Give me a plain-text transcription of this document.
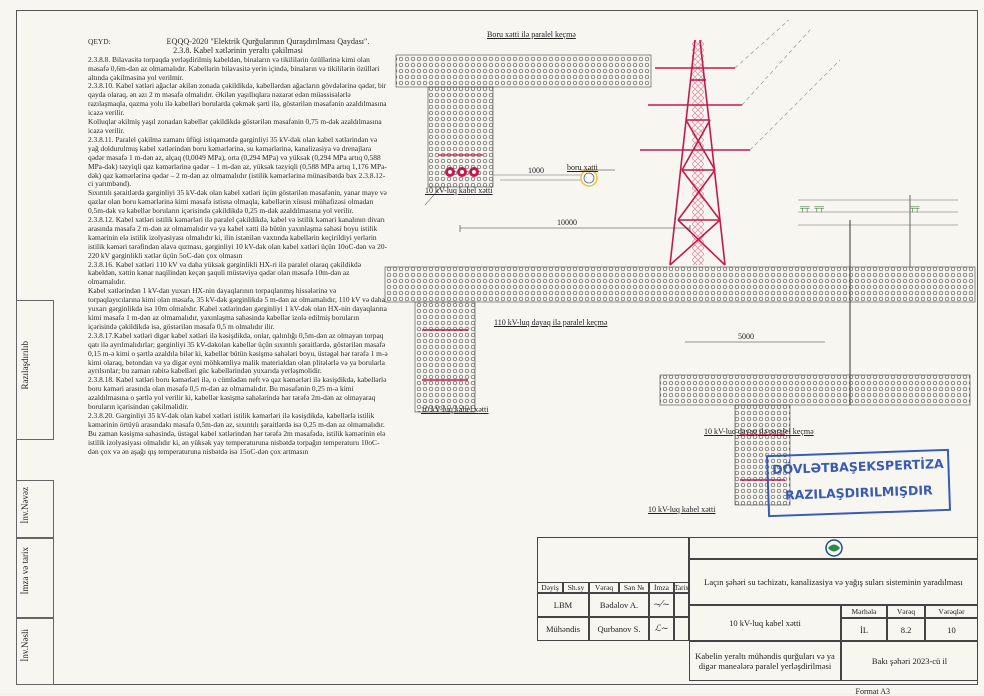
Razılaşdırılıb
İnv.Nəvəz
İmza və tarix
İnv.Nəsli

QEYD:	EQQQ-2020 "Elektrik Qurğularının Quraşdırılması Qaydası".

2.3.8. Kabel xətlərinin yeraltı çəkilməsi

2.3.8.8. Bilavasitə torpaqda yerləşdirilmiş kabeldən, binaların və tikililərin özüllərinə kimi olan məsafə 0,6m-dən az olmamalıdır. Kabellərin bilavasitə yerin içində, binaların və tikililərin özülləri altında çəkilməsinə yol verilmir.

2.3.8.10. Kabel xətləri ağaclar əkilən zonada çəkildikdə, kabellərdən ağacların gövdələrinə qədər, bir qayda olaraq, ən azı 2 m məsafə olmalıdır. Əkilən yaşıllıqlara nəzarət edən müəssisələrlə razılaşmaqla, qazma yolu ilə kabelləri borularda çəkmək şərti ilə, göstərilən məsafənin azaldılmasına icazə verilir.

Kolluqlar əkilmiş yaşıl zonadan kabellər çəkildikdə göstərilən məsafənin 0,75 m-dək azaldılmasına icazə verilir.

2.3.8.11. Paralel çəkilmə zamanı üfüqi istiqamətdə gərginliyi 35 kV-dək olan kabel xətlərindən və yağ doldurulmuş kabel xətlərindən boru kəmərlərinə, su kəmərlərinə, kanalizasiya və drenajlara qədər məsafə 1 m-dən az, alçaq (0,0049 MPa), orta (0,294 MPa) və yüksək (0,294 MPa artıq 0,588 MPa-dək) təzyiqli qaz kəmərlərinə qədər – 1 m-dən az, yüksək təzyiqli (0,588 MPa artıq 1,176 MPa-dək) qaz kəmərlərinə qədər – 2 m-dən az olmamalıdır (istilik kəmərlərinə münasibətdə bax 2.3.8.12-ci yarımbənd).

Sıxıntılı şəraitlərdə gərginliyi 35 kV-dək olan kabel xətləri üçün göstərilən məsafənin, yanar maye və qazlar olan boru kəmərlərinə kimi məsafə istisna olmaqla, kabellərin xüsusi mühafizəsi olmadan 0,5m-dək və kabellər boruların içərisində çəkildikdə 0,25 m-dək azaldılmasına yol verilir.

2.3.8.12. Kabel xətləri istilik kəmərləri ilə paralel çəkildikdə, kabel və istilik kəməri kanalının divarı arasında məsafə 2 m-dən az olmamalıdır və ya kabel xətti ilə bütün yaxınlaşma sahəsi boyu istilik kəmərinin elə istilik izolyasiyası olmalıdır ki, ilin istənilən vaxtında kabellərin keçirildiyi yerlərin istilik kəməri tərəfindən əlavə qızması, gərginliyi 10 kV-dək olan kabel xətləri üçün 10oC-dən və 20-220 kV gərginlikli xətlər üçün 5oC-dən çox olmasın

2.3.8.16. Kabel xətləri 110 kV və daha yüksək gərginlikli HX-ri ilə paralel olaraq çəkildikdə kabeldən, xəttin kənar naqilindən keçən şaquli müstəviyə qədər olan məsafə 10m-dən az olmamalıdır.

Kabel xətlərindən 1 kV-dan yuxarı HX-nin dayaqlarının torpaqlanmış hissələrinə və torpaqlayıcılarına kimi olan məsafə, 35 kV-dək gərginlikdə 5 m-dən az olmamalıdır, 110 kV və daha yuxarı gərginlikdə isə 10m olmalıdır. Kabel xətlərindən gərginliyi 1 kV-dək olan HX-nin dayaqlarına kimi məsafə 1 m-dən az olmamalıdır, yaxınlaşma sahəsində kabellər izolə edilmiş boruların içərisində çəkildikdə isə, göstərilən məsafə 0,5 m olmalıdır ilir.

2.3.8.17.Kabel xətləri digər kabel xətləri ilə kəsişdikdə, onlar, qalınlığı 0,5m-dən az olmayan torpaq qatı ilə ayrılmalıdırlar; gərginliyi 35 kV-dəkolan kabellər üçün sıxıntılı şəraitlərdə, göstərilən məsafə 0,15 m-ə kimi o şərtlə azaldıla bilər ki, kabellər bütün kəsişmə sahələri boyu, üstəgəl hər tərəfə 1 m-ə kimi olaraq, betondan və ya digər eyni möhkəmliyə malik materialdan olan plitələrlə və ya borularla ayrılsınlar; bu zaman rabitə kabelləri güc kabellərindən yuxarıda yerləşmolidir.

2.3.8.18. Kabel xətləri boru kəmərləri ilə, o cümlədən neft və qaz kəmərləri ilə kəsişdikdə, kabellərlə boru kəməri arasında olan məsafə 0,5 m-dən az olmamalıdır. Bu məsafənin 0,25 m-ə kimi azaldılmasına o şərtlə yol verilir ki, kabellər kəsişmə sahələrində hər tərəfə 2m-dən az olmayaraq boruların içərisindən çəkilməlidir.

2.3.8.20. Gərginliyi 35 kV-dək olan kabel xətləri istilik kəmərləri ilə kəsişdikdə, kabellərlə istilik kəmərinin örtüyü arasındakı məsafə 0,5m-dən az, sıxıntılı şəraitlərdə isə 0,25 m-dən az olmamalıdır. Bu zaman kəsişmə sahəsində, üstəgəl kabel xətlərindən hər tərəfə 2m məsafədə, istilik kəmərinin elə istilik izolyasiyası olmalıdır ki, ən yüksək yay temperaturuna nisbətdə torpağın temperaturu 10oC-dən çox və ən aşağı qış temperaturuna nisbətdə isə 15oC-dən çox artmasın

╤╤ ╤╤	╤╤
Boru xətti ilə paralel keçmə
boru xətti
1000
10 kV-luq kabel xətti
10000
110 kV-luq dayaq ilə paralel keçmə
5000
10 kV-luq kabel xətti
10 kV-luq dayaq ilə paralel keçmə
10 kV-luq kabel xətti
DÖVLƏTBAŞEKSPERTİZA
RAZILAŞDIRILMIŞDIR
Laçın şəhəri su təchizatı, kanalizasiya və yağış suları sisteminin yaradılması
Dəyiş	Sh.sy	Vərəq	Sən №	İmza Tarix
LBM	Bədəlov A.	~⁄~
Mühəndis	Qurbanov S.	ℒ~
10 kV-luq kabel xətti
Mərhələ	Vərəq	Vərəqlər
İL	8.2	10
Kabelin yeraltı mühəndis qurğuları və ya digər maneələrə paralel yerləşdirilməsi	Bakı şəhəri 2023-cü il
Format A3
